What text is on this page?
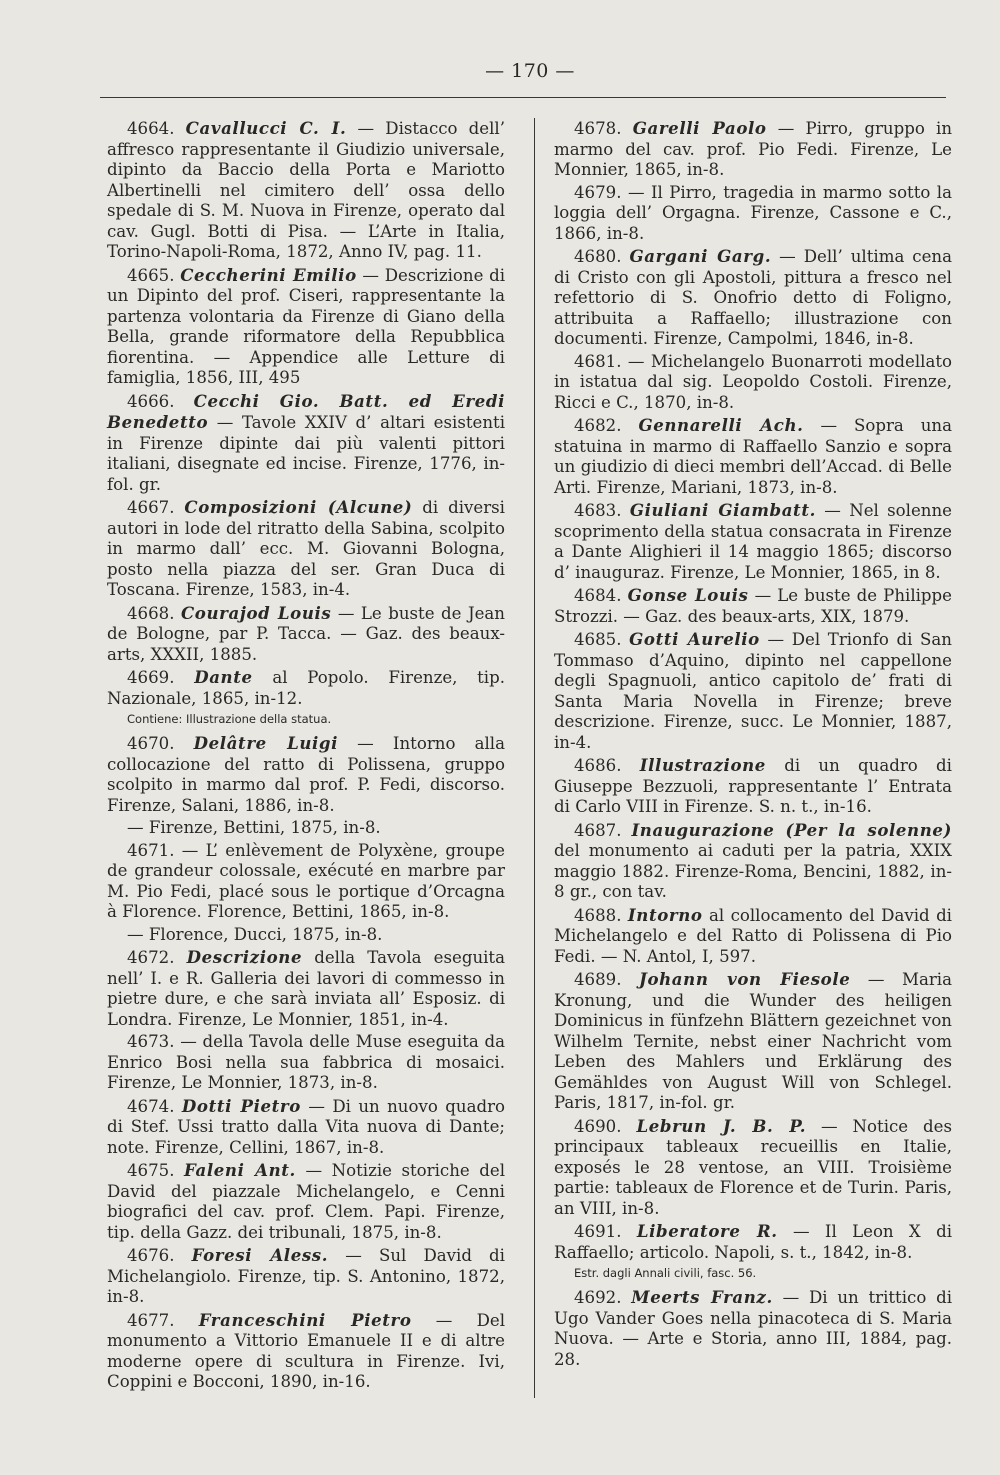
— 170 —

4664. Cavallucci C. I. — Distacco dell’ affresco rappresentante il Giudizio universale, dipinto da Baccio della Porta e Mariotto Albertinelli nel cimitero dell’ ossa dello spedale di S. M. Nuova in Firenze, operato dal cav. Gugl. Botti di Pisa. — L’Arte in Italia, Torino-Napoli-Roma, 1872, Anno IV, pag. 11.

4665. Ceccherini Emilio — Descrizione di un Dipinto del prof. Ciseri, rappresentante la partenza volontaria da Firenze di Giano della Bella, grande riformatore della Repubblica fiorentina. — Appendice alle Letture di famiglia, 1856, III, 495

4666. Cecchi Gio. Batt. ed Eredi Benedetto — Tavole XXIV d’ altari esistenti in Firenze dipinte dai più valenti pittori italiani, disegnate ed incise. Firenze, 1776, in-fol. gr.

4667. Composizioni (Alcune) di diversi autori in lode del ritratto della Sabina, scolpito in marmo dall’ ecc. M. Giovanni Bologna, posto nella piazza del ser. Gran Duca di Toscana. Firenze, 1583, in-4.

4668. Courajod Louis — Le buste de Jean de Bologne, par P. Tacca. — Gaz. des beaux-arts, XXXII, 1885.

4669. Dante al Popolo. Firenze, tip. Nazionale, 1865, in-12.

Contiene: Illustrazione della statua.

4670. Delâtre Luigi — Intorno alla collocazione del ratto di Polissena, gruppo scolpito in marmo dal prof. P. Fedi, discorso. Firenze, Salani, 1886, in-8.

— Firenze, Bettini, 1875, in-8.

4671. — L’ enlèvement de Polyxène, groupe de grandeur colossale, exécuté en marbre par M. Pio Fedi, placé sous le portique d’Orcagna à Florence. Florence, Bettini, 1865, in-8.

— Florence, Ducci, 1875, in-8.

4672. Descrizione della Tavola eseguita nell’ I. e R. Galleria dei lavori di commesso in pietre dure, e che sarà inviata all’ Esposiz. di Londra. Firenze, Le Monnier, 1851, in-4.

4673. — della Tavola delle Muse eseguita da Enrico Bosi nella sua fabbrica di mosaici. Firenze, Le Monnier, 1873, in-8.

4674. Dotti Pietro — Di un nuovo quadro di Stef. Ussi tratto dalla Vita nuova di Dante; note. Firenze, Cellini, 1867, in-8.

4675. Faleni Ant. — Notizie storiche del David del piazzale Michelangelo, e Cenni biografici del cav. prof. Clem. Papi. Firenze, tip. della Gazz. dei tribunali, 1875, in-8.

4676. Foresi Aless. — Sul David di Michelangiolo. Firenze, tip. S. Antonino, 1872, in-8.

4677. Franceschini Pietro — Del monumento a Vittorio Emanuele II e di altre moderne opere di scultura in Firenze. Ivi, Coppini e Bocconi, 1890, in-16.

4678. Garelli Paolo — Pirro, gruppo in marmo del cav. prof. Pio Fedi. Firenze, Le Monnier, 1865, in-8.

4679. — Il Pirro, tragedia in marmo sotto la loggia dell’ Orgagna. Firenze, Cassone e C., 1866, in-8.

4680. Gargani Garg. — Dell’ ultima cena di Cristo con gli Apostoli, pittura a fresco nel refettorio di S. Onofrio detto di Foligno, attribuita a Raffaello; illustrazione con documenti. Firenze, Campolmi, 1846, in-8.

4681. — Michelangelo Buonarroti modellato in istatua dal sig. Leopoldo Costoli. Firenze, Ricci e C., 1870, in-8.

4682. Gennarelli Ach. — Sopra una statuina in marmo di Raffaello Sanzio e sopra un giudizio di dieci membri dell’Accad. di Belle Arti. Firenze, Mariani, 1873, in-8.

4683. Giuliani Giambatt. — Nel solenne scoprimento della statua consacrata in Firenze a Dante Alighieri il 14 maggio 1865; discorso d’ inauguraz. Firenze, Le Monnier, 1865, in 8.

4684. Gonse Louis — Le buste de Philippe Strozzi. — Gaz. des beaux-arts, XIX, 1879.

4685. Gotti Aurelio — Del Trionfo di San Tommaso d’Aquino, dipinto nel cappellone degli Spagnuoli, antico capitolo de’ frati di Santa Maria Novella in Firenze; breve descrizione. Firenze, succ. Le Monnier, 1887, in-4.

4686. Illustrazione di un quadro di Giuseppe Bezzuoli, rappresentante l’ Entrata di Carlo VIII in Firenze. S. n. t., in-16.

4687. Inaugurazione (Per la solenne) del monumento ai caduti per la patria, XXIX maggio 1882. Firenze-Roma, Bencini, 1882, in-8 gr., con tav.

4688. Intorno al collocamento del David di Michelangelo e del Ratto di Polissena di Pio Fedi. — N. Antol, I, 597.

4689. Johann von Fiesole — Maria Kronung, und die Wunder des heiligen Dominicus in fünfzehn Blättern gezeichnet von Wilhelm Ternite, nebst einer Nachricht vom Leben des Mahlers und Erklärung des Gemähldes von August Will von Schlegel. Paris, 1817, in-fol. gr.

4690. Lebrun J. B. P. — Notice des principaux tableaux recueillis en Italie, exposés le 28 ventose, an VIII. Troisième partie: tableaux de Florence et de Turin. Paris, an VIII, in-8.

4691. Liberatore R. — Il Leon X di Raffaello; articolo. Napoli, s. t., 1842, in-8.

Estr. dagli Annali civili, fasc. 56.

4692. Meerts Franz. — Di un trittico di Ugo Vander Goes nella pinacoteca di S. Maria Nuova. — Arte e Storia, anno III, 1884, pag. 28.
